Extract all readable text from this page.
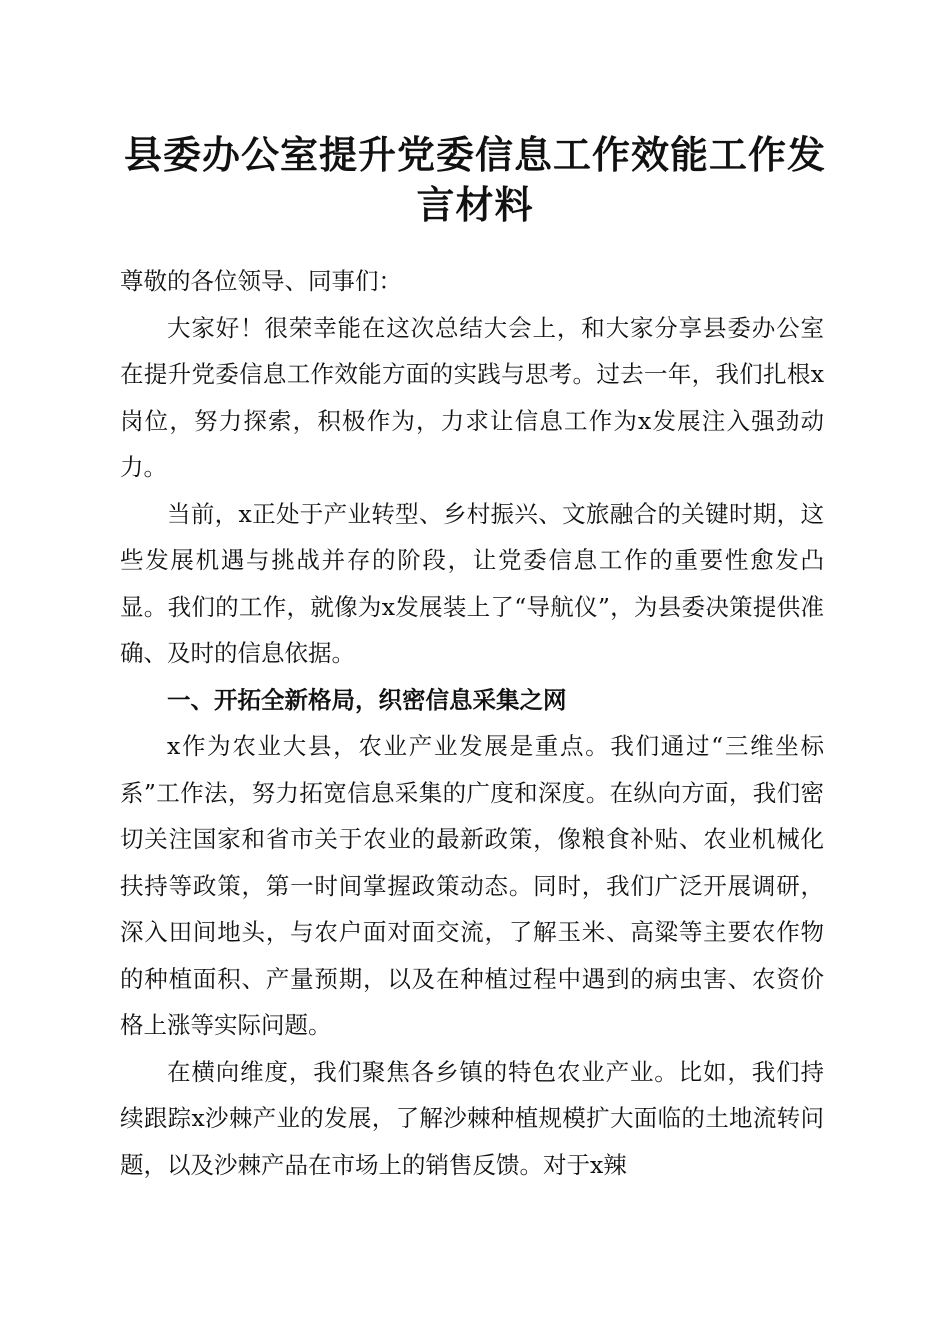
县委办公室提升党委信息工作效能工作发言材料

尊敬的各位领导、同事们：

大家好！很荣幸能在这次总结大会上，和大家分享县委办公室在提升党委信息工作效能方面的实践与思考。过去一年，我们扎根x岗位，努力探索，积极作为，力求让信息工作为x发展注入强劲动力。

当前，x正处于产业转型、乡村振兴、文旅融合的关键时期，这些发展机遇与挑战并存的阶段，让党委信息工作的重要性愈发凸显。我们的工作，就像为x发展装上了“导航仪”，为县委决策提供准确、及时的信息依据。

一、开拓全新格局，织密信息采集之网

x作为农业大县，农业产业发展是重点。我们通过“三维坐标系”工作法，努力拓宽信息采集的广度和深度。在纵向方面，我们密切关注国家和省市关于农业的最新政策，像粮食补贴、农业机械化扶持等政策，第一时间掌握政策动态。同时，我们广泛开展调研，深入田间地头，与农户面对面交流，了解玉米、高粱等主要农作物的种植面积、产量预期，以及在种植过程中遇到的病虫害、农资价格上涨等实际问题。

在横向维度，我们聚焦各乡镇的特色农业产业。比如，我们持续跟踪x沙棘产业的发展，了解沙棘种植规模扩大面临的土地流转问题，以及沙棘产品在市场上的销售反馈。对于x辣
